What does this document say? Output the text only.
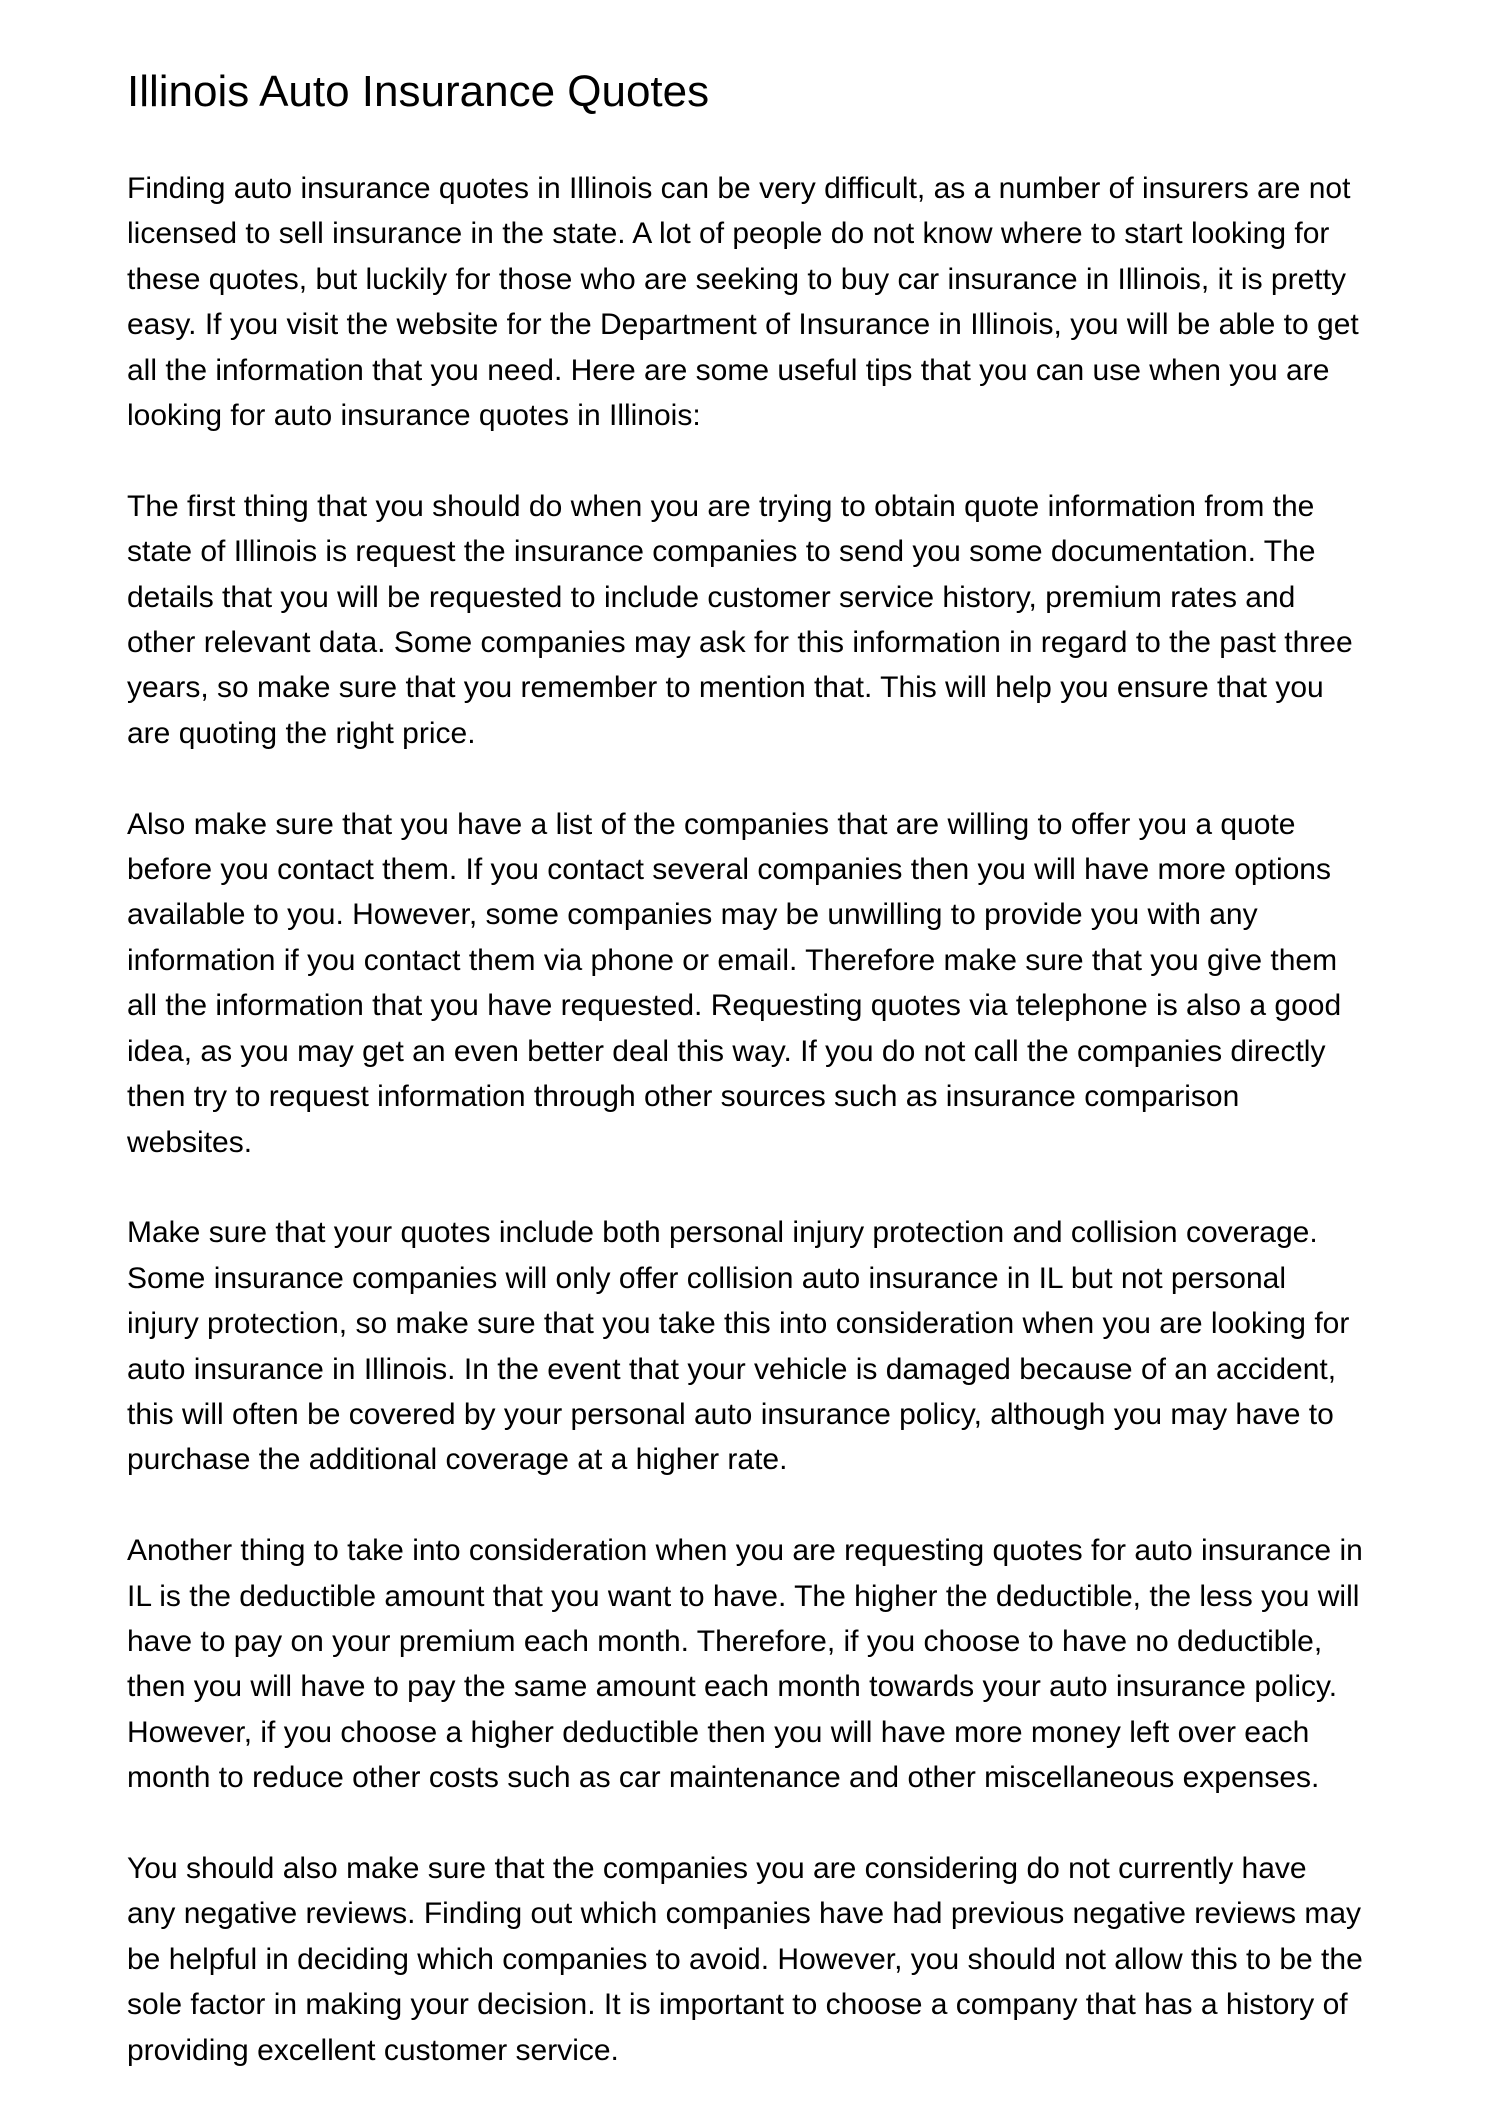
Illinois Auto Insurance Quotes

Finding auto insurance quotes in Illinois can be very difficult, as a number of insurers are not
licensed to sell insurance in the state. A lot of people do not know where to start looking for
these quotes, but luckily for those who are seeking to buy car insurance in Illinois, it is pretty
easy. If you visit the website for the Department of Insurance in Illinois, you will be able to get
all the information that you need. Here are some useful tips that you can use when you are
looking for auto insurance quotes in Illinois:

The first thing that you should do when you are trying to obtain quote information from the
state of Illinois is request the insurance companies to send you some documentation. The
details that you will be requested to include customer service history, premium rates and
other relevant data. Some companies may ask for this information in regard to the past three
years, so make sure that you remember to mention that. This will help you ensure that you
are quoting the right price.

Also make sure that you have a list of the companies that are willing to offer you a quote
before you contact them. If you contact several companies then you will have more options
available to you. However, some companies may be unwilling to provide you with any
information if you contact them via phone or email. Therefore make sure that you give them
all the information that you have requested. Requesting quotes via telephone is also a good
idea, as you may get an even better deal this way. If you do not call the companies directly
then try to request information through other sources such as insurance comparison
websites.

Make sure that your quotes include both personal injury protection and collision coverage.
Some insurance companies will only offer collision auto insurance in IL but not personal
injury protection, so make sure that you take this into consideration when you are looking for
auto insurance in Illinois. In the event that your vehicle is damaged because of an accident,
this will often be covered by your personal auto insurance policy, although you may have to
purchase the additional coverage at a higher rate.

Another thing to take into consideration when you are requesting quotes for auto insurance in
IL is the deductible amount that you want to have. The higher the deductible, the less you will
have to pay on your premium each month. Therefore, if you choose to have no deductible,
then you will have to pay the same amount each month towards your auto insurance policy.
However, if you choose a higher deductible then you will have more money left over each
month to reduce other costs such as car maintenance and other miscellaneous expenses.

You should also make sure that the companies you are considering do not currently have
any negative reviews. Finding out which companies have had previous negative reviews may
be helpful in deciding which companies to avoid. However, you should not allow this to be the
sole factor in making your decision. It is important to choose a company that has a history of
providing excellent customer service.
